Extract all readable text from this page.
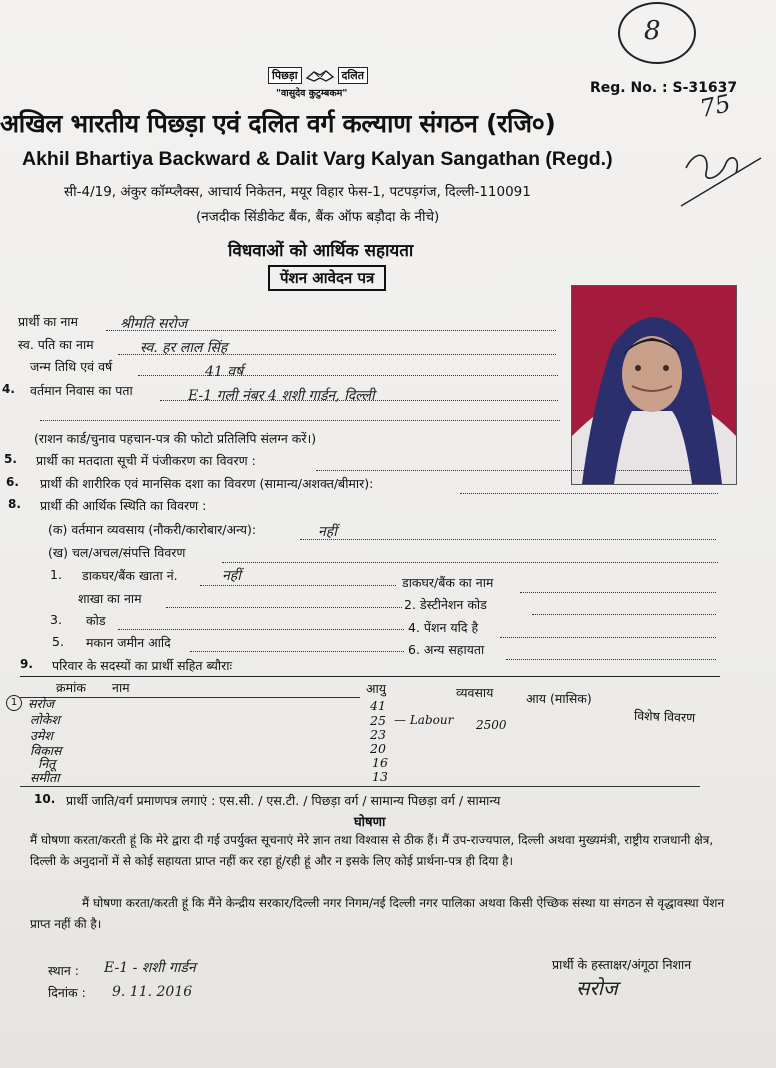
8
पिछड़ा	दलित
"वासुदेव कुटुम्बकम"	Reg. No. : S-31637
75
अखिल भारतीय पिछड़ा एवं दलित वर्ग कल्याण संगठन (रजि०)
Akhil Bhartiya Backward & Dalit Varg Kalyan Sangathan (Regd.)
सी-4/19, अंकुर कॉम्प्लैक्स, आचार्य निकेतन, मयूर विहार फेस-1, पटपड़गंज, दिल्ली-110091
(नजदीक सिंडीकेट बैंक, बैंक ऑफ बड़ौदा के नीचे)
विधवाओं को आर्थिक सहायता
पेंशन आवेदन पत्र
प्रार्थी का नाम	श्रीमति सरोज
स्व. पति का नाम	स्व. हर लाल सिंह
जन्म तिथि एवं वर्ष	41 वर्ष
4. वर्तमान निवास का पता	E-1 गली नंबर 4 शशी गार्डन, दिल्ली
(राशन कार्ड/चुनाव पहचान-पत्र की फोटो प्रतिलिपि संलग्न करें।)
5. प्रार्थी का मतदाता सूची में पंजीकरण का विवरण :
6. प्रार्थी की शारीरिक एवं मानसिक दशा का विवरण (सामान्य/अशक्त/बीमार):
8. प्रार्थी की आर्थिक स्थिति का विवरण :
(क) वर्तमान व्यवसाय (नौकरी/कारोबार/अन्य):	नहीं
(ख) चल/अचल/संपत्ति विवरण
1. डाकघर/बैंक खाता नं.	नहीं	डाकघर/बैंक का नाम
शाखा का नाम	2. डेस्टीनेशन कोड
3. कोड	4. पेंशन यदि है
5. मकान जमीन आदि	6. अन्य सहायता
9. परिवार के सदस्यों का प्रार्थी सहित ब्यौराः
क्रमांक नाम	आयु	व्यवसाय	आय (मासिक)
विशेष विवरण
1 सरोज	41
लोकेश	25 — Labour 2500
उमेश	23
विकास	20
नितू	16
समीता	13
10. प्रार्थी जाति/वर्ग प्रमाणपत्र लगाएं : एस.सी. / एस.टी. / पिछड़ा वर्ग / सामान्य पिछड़ा वर्ग / सामान्य
घोषणा
मैं घोषणा करता/करती हूं कि मेरे द्वारा दी गई उपर्युक्त सूचनाएं मेरे ज्ञान तथा विश्वास से ठीक हैं। मैं उप-राज्यपाल, दिल्ली अथवा मुख्यमंत्री, राष्ट्रीय राजधानी क्षेत्र, दिल्ली के अनुदानों में से कोई सहायता प्राप्त नहीं कर रहा हूं/रही हूं और न इसके लिए कोई प्रार्थना-पत्र ही दिया है।
मैं घोषणा करता/करती हूं कि मैंने केन्द्रीय सरकार/दिल्ली नगर निगम/नई दिल्ली नगर पालिका अथवा किसी ऐच्छिक संस्था या संगठन से वृद्धावस्था पेंशन प्राप्त नहीं की है।
स्थान : E-1 - शशी गार्डन
दिनांक : 9. 11. 2016
प्रार्थी के हस्ताक्षर/अंगूठा निशान
सरोज
